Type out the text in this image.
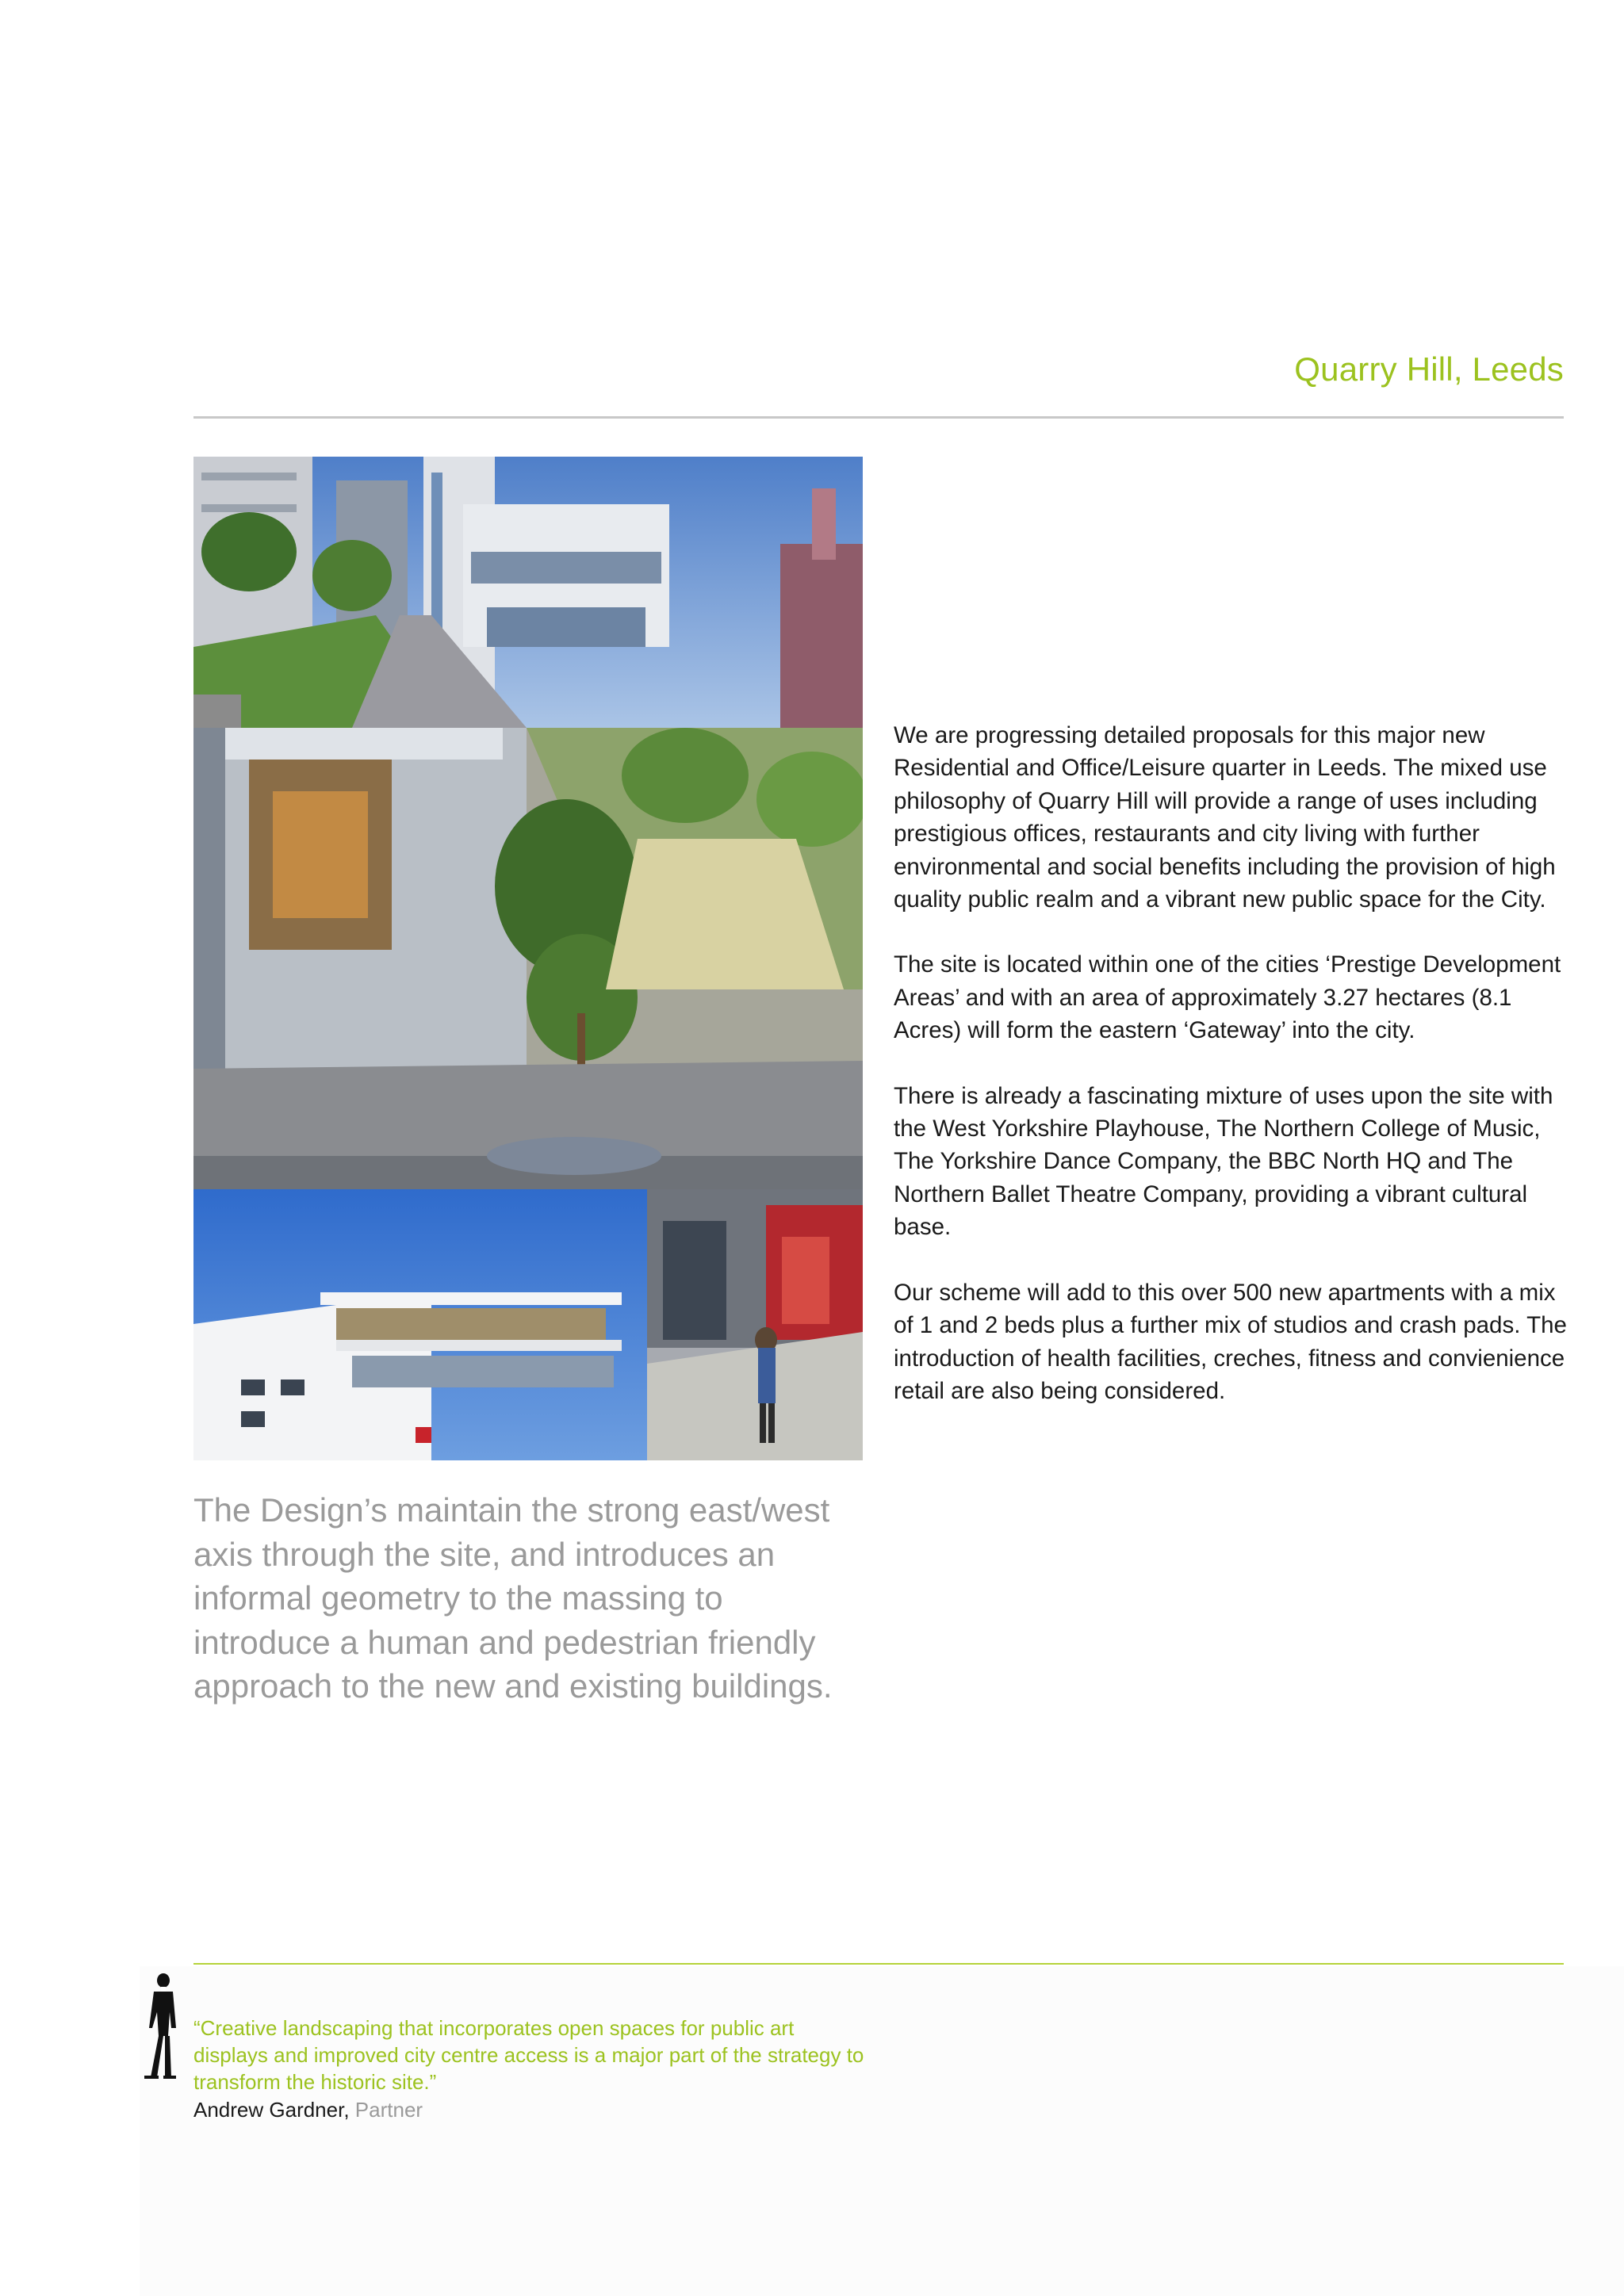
Quarry Hill, Leeds

We are progressing detailed proposals for this major new Residential and Office/Leisure quarter in Leeds. The mixed use philosophy of Quarry Hill will provide a range of uses including prestigious offices, restaurants and city living with further environmental and social benefits including the provision of high quality public realm and a vibrant new public space for the City.

The site is located within one of the cities ‘Prestige Development Areas’ and with an area of approximately 3.27 hectares (8.1 Acres) will form the eastern ‘Gateway’ into the city.

There is already a fascinating mixture of uses upon the site with the West Yorkshire Playhouse, The Northern College of Music, The Yorkshire Dance Company, the BBC North HQ and The Northern Ballet Theatre Company, providing a vibrant cultural base.

Our scheme will add to this over 500 new apartments with a mix of 1 and 2 beds plus a further mix of studios and crash pads. The introduction of health facilities, creches, fitness and convienience retail are also being considered.

The Design’s maintain the strong east/west axis through the site, and introduces an informal geometry to the massing to introduce a human and pedestrian friendly approach to the new and existing buildings.
“Creative landscaping that incorporates open spaces for public art displays and improved city centre access is a major part of the strategy to transform the historic site.”
Andrew Gardner, Partner
